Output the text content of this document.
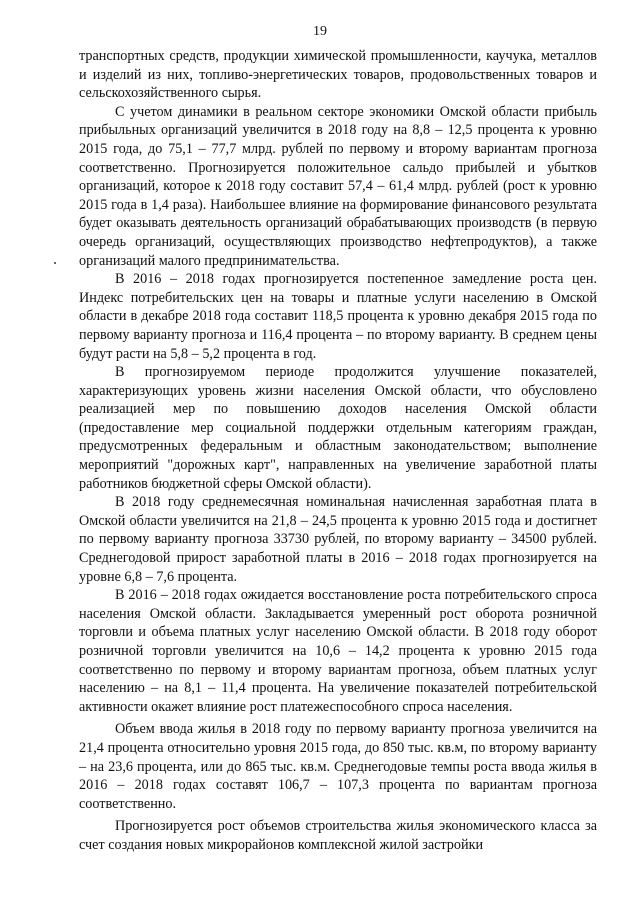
19

транспортных средств, продукции химической промышленности, каучука, металлов и изделий из них, топливо-энергетических товаров, продовольственных товаров и сельскохозяйственного сырья.

С учетом динамики в реальном секторе экономики Омской области прибыль прибыльных организаций увеличится в 2018 году на 8,8 – 12,5 процента к уровню 2015 года, до 75,1 – 77,7 млрд. рублей по первому и второму вариантам прогноза соответственно. Прогнозируется положительное сальдо прибылей и убытков организаций, которое к 2018 году составит 57,4 – 61,4 млрд. рублей (рост к уровню 2015 года в 1,4 раза). Наибольшее влияние на формирование финансового результата будет оказывать деятельность организаций обрабатывающих производств (в первую очередь организаций, осуществляющих производство нефтепродуктов), а также организаций малого предпринимательства.

В 2016 – 2018 годах прогнозируется постепенное замедление роста цен. Индекс потребительских цен на товары и платные услуги населению в Омской области в декабре 2018 года составит 118,5 процента к уровню декабря 2015 года по первому варианту прогноза и 116,4 процента – по второму варианту. В среднем цены будут расти на 5,8 – 5,2 процента в год.

В прогнозируемом периоде продолжится улучшение показателей, характеризующих уровень жизни населения Омской области, что обусловлено реализацией мер по повышению доходов населения Омской области (предоставление мер социальной поддержки отдельным категориям граждан, предусмотренных федеральным и областным законодательством; выполнение мероприятий "дорожных карт", направленных на увеличение заработной платы работников бюджетной сферы Омской области).

В 2018 году среднемесячная номинальная начисленная заработная плата в Омской области увеличится на 21,8 – 24,5 процента к уровню 2015 года и достигнет по первому варианту прогноза 33730 рублей, по второму варианту – 34500 рублей. Среднегодовой прирост заработной платы в 2016 – 2018 годах прогнозируется на уровне 6,8 – 7,6 процента.

В 2016 – 2018 годах ожидается восстановление роста потребительского спроса населения Омской области. Закладывается умеренный рост оборота розничной торговли и объема платных услуг населению Омской области. В 2018 году оборот розничной торговли увеличится на 10,6 – 14,2 процента к уровню 2015 года соответственно по первому и второму вариантам прогноза, объем платных услуг населению – на 8,1 – 11,4 процента. На увеличение показателей потребительской активности окажет влияние рост платежеспособного спроса населения.

Объем ввода жилья в 2018 году по первому варианту прогноза увеличится на 21,4 процента относительно уровня 2015 года, до 850 тыс. кв.м, по второму варианту – на 23,6 процента, или до 865 тыс. кв.м. Среднегодовые темпы роста ввода жилья в 2016 – 2018 годах составят 106,7 – 107,3 процента по вариантам прогноза соответственно.

Прогнозируется рост объемов строительства жилья экономического класса за счет создания новых микрорайонов комплексной жилой застройки
